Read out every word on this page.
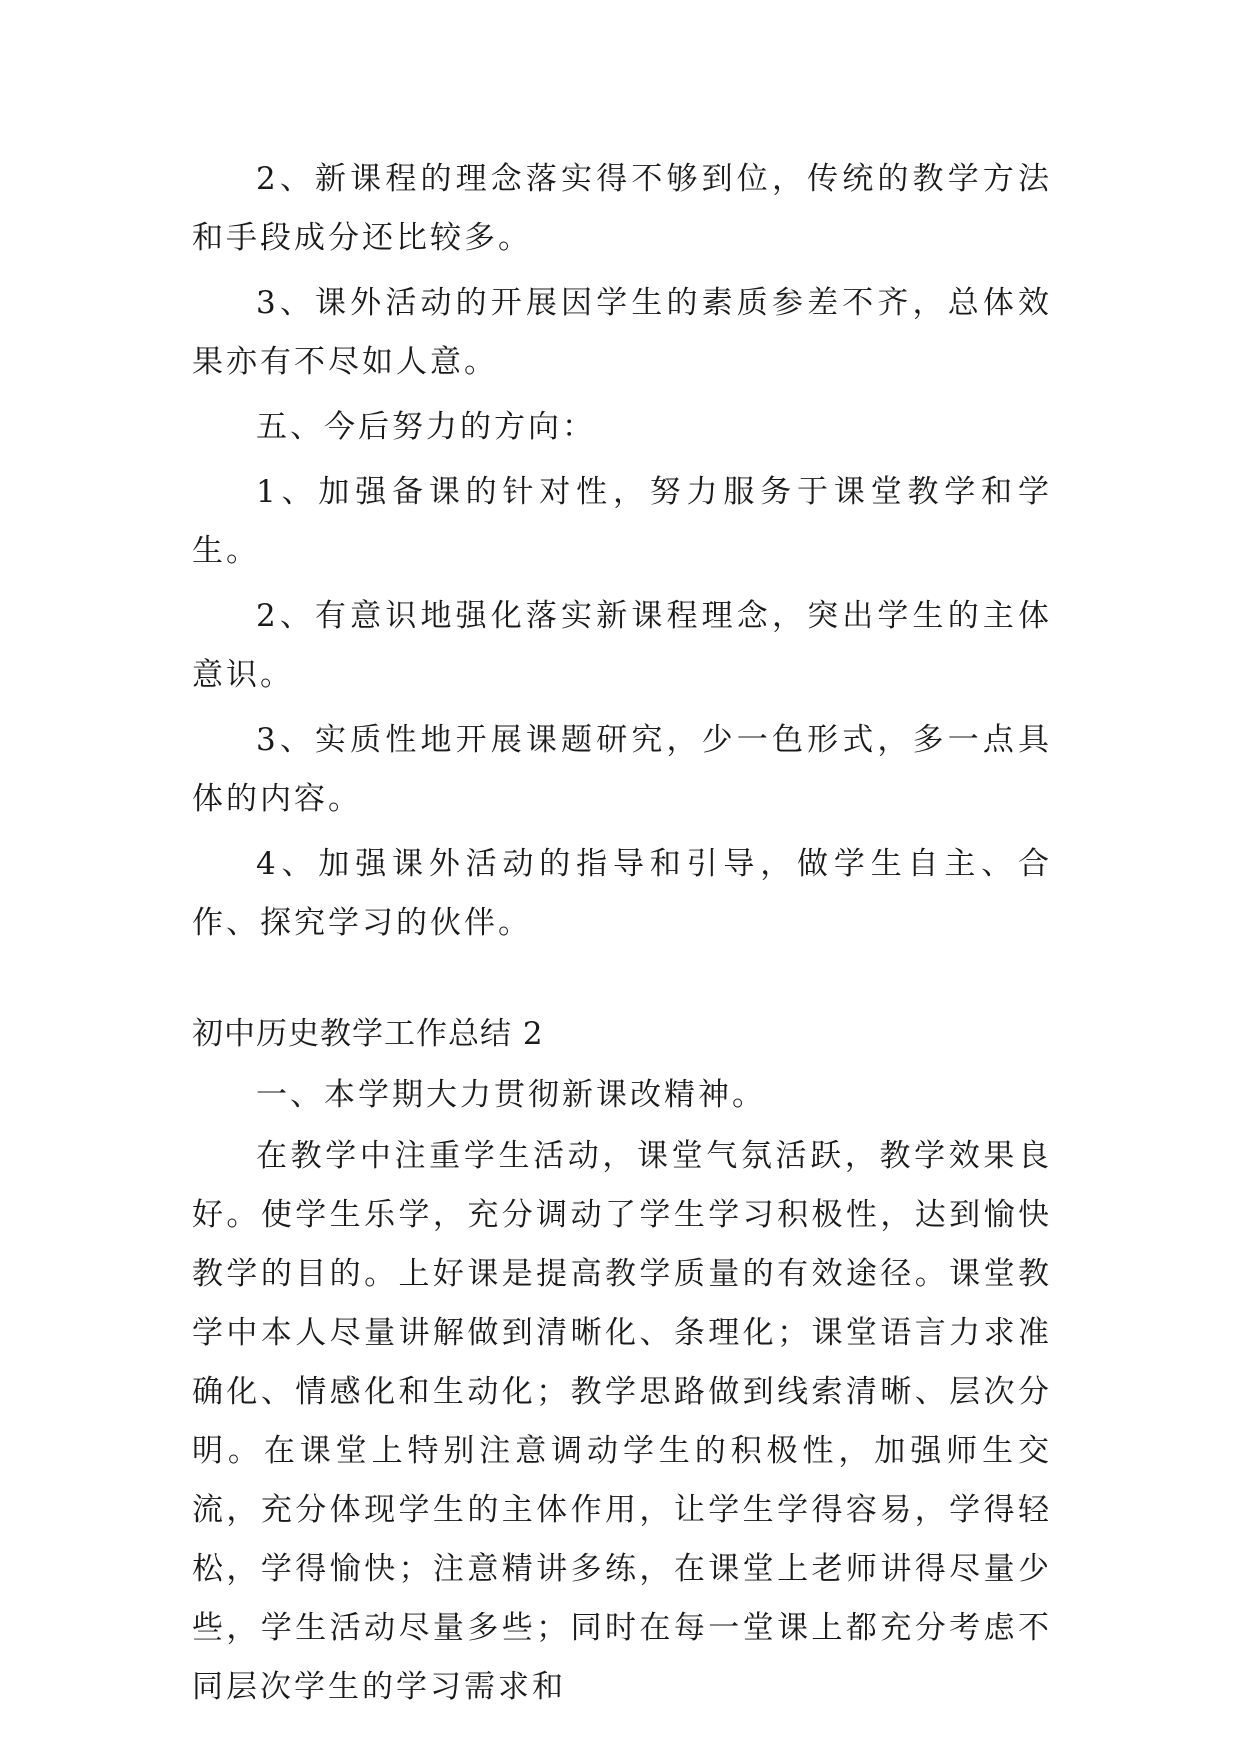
2、新课程的理念落实得不够到位，传统的教学方法和手段成分还比较多。

3、课外活动的开展因学生的素质参差不齐，总体效果亦有不尽如人意。

五、今后努力的方向：

1、加强备课的针对性，努力服务于课堂教学和学生。

2、有意识地强化落实新课程理念，突出学生的主体意识。

3、实质性地开展课题研究，少一色形式，多一点具体的内容。

4、加强课外活动的指导和引导，做学生自主、合作、探究学习的伙伴。

初中历史教学工作总结 2

一、本学期大力贯彻新课改精神。

在教学中注重学生活动，课堂气氛活跃，教学效果良好。使学生乐学，充分调动了学生学习积极性，达到愉快教学的目的。上好课是提高教学质量的有效途径。课堂教学中本人尽量讲解做到清晰化、条理化；课堂语言力求准确化、情感化和生动化；教学思路做到线索清晰、层次分明。在课堂上特别注意调动学生的积极性，加强师生交流，充分体现学生的主体作用，让学生学得容易，学得轻松，学得愉快；注意精讲多练，在课堂上老师讲得尽量少些，学生活动尽量多些；同时在每一堂课上都充分考虑不同层次学生的学习需求和
